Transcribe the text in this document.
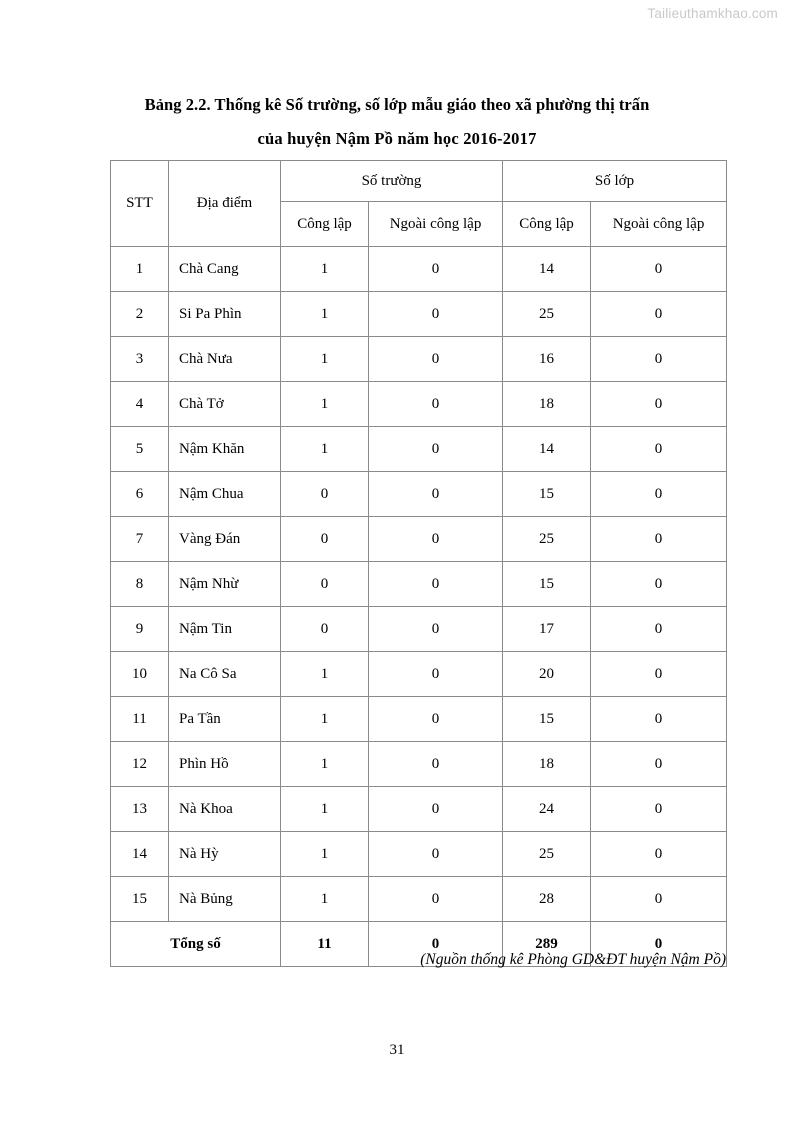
Tailieuthamkhao.com
Bảng 2.2. Thống kê Số trường, số lớp mẫu giáo theo xã phường thị trấn
của huyện Nậm Pồ năm học 2016-2017
STT	Địa điểm	Số trường		Số lớp	
		Công lập	Ngoài công lập	Công lập	Ngoài công lập
1	Chà Cang	1	0	14	0
2	Si Pa Phìn	1	0	25	0
3	Chà Nưa	1	0	16	0
4	Chà Tở	1	0	18	0
5	Nậm Khăn	1	0	14	0
6	Nậm Chua	0	0	15	0
7	Vàng Đán	0	0	25	0
8	Nậm Nhừ	0	0	15	0
9	Nậm Tin	0	0	17	0
10	Na Cô Sa	1	0	20	0
11	Pa Tần	1	0	15	0
12	Phìn Hồ	1	0	18	0
13	Nà Khoa	1	0	24	0
14	Nà Hỳ	1	0	25	0
15	Nà Bủng	1	0	28	0
Tổng số		11	0	289	0
(Nguồn thống kê Phòng GD&ĐT huyện Nậm Pồ)
31
